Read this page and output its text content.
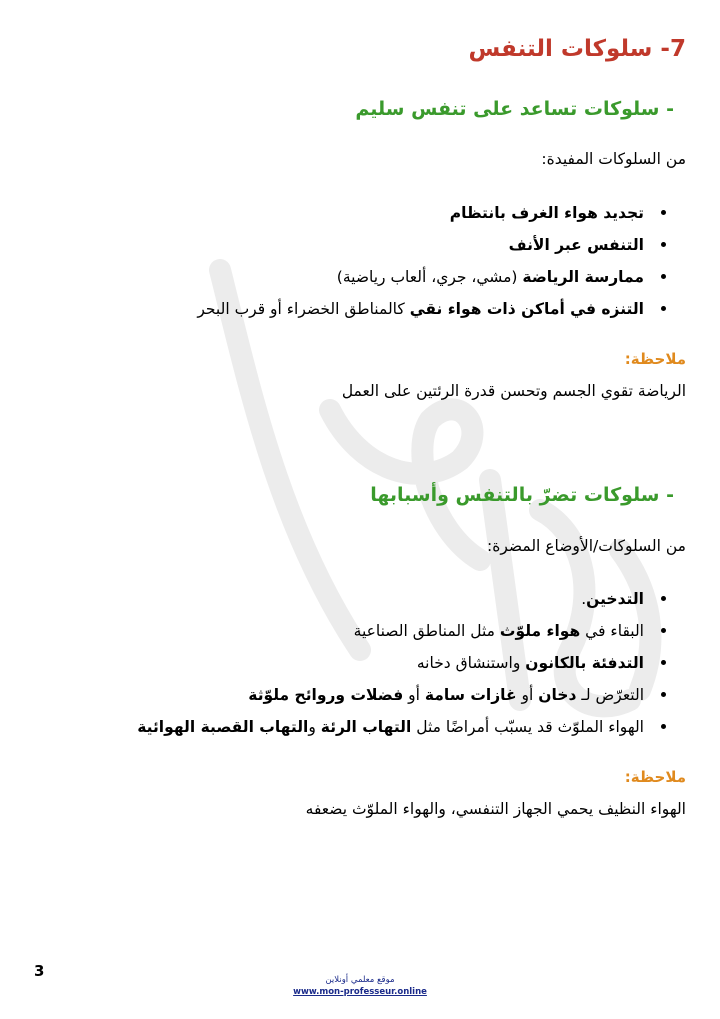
7- سلوكات التنفس
- سلوكات تساعد على تنفس سليم
من السلوكات المفيدة:
تجديد هواء الغرف بانتظام
التنفس عبر الأنف
ممارسة الرياضة (مشي، جري، ألعاب رياضية)
التنزه في أماكن ذات هواء نقي كالمناطق الخضراء أو قرب البحر
ملاحظة:
الرياضة تقوي الجسم وتحسن قدرة الرئتين على العمل
- سلوكات تضرّ بالتنفس وأسبابها
من السلوكات/الأوضاع المضرة:
التدخين.
البقاء في هواء ملوّث مثل المناطق الصناعية
التدفئة بالكانون واستنشاق دخانه
التعرّض لـ دخان أو غازات سامة أو فضلات وروائح ملوّثة
الهواء الملوّث قد يسبّب أمراضًا مثل التهاب الرئة والتهاب القصبة الهوائية
ملاحظة:
الهواء النظيف يحمي الجهاز التنفسي، والهواء الملوّث يضعفه
3	موقع معلمي أونلاين
www.mon-professeur.online
